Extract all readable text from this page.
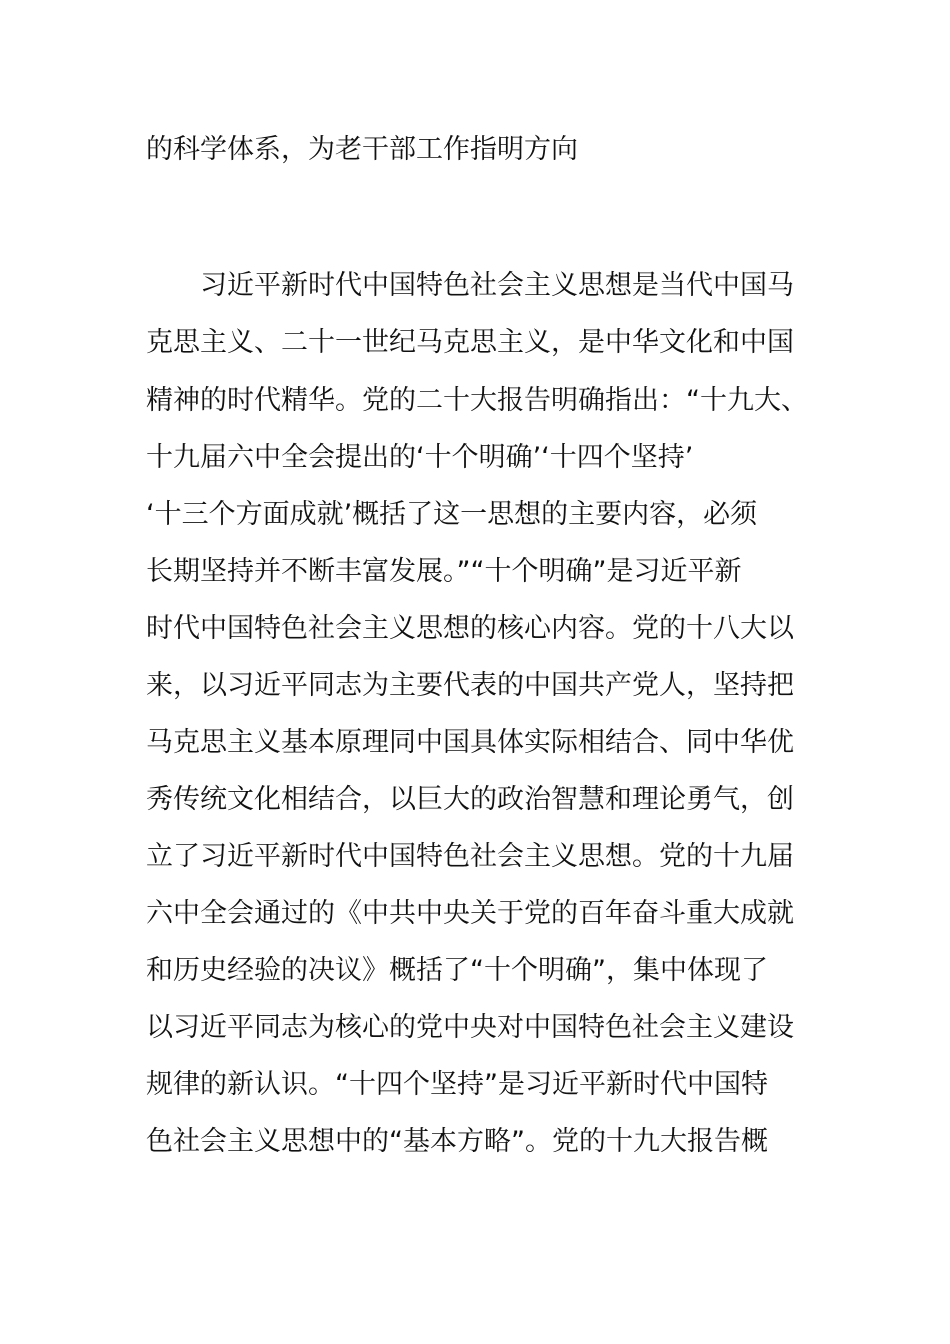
的科学体系，为老干部工作指明方向
　　习近平新时代中国特色社会主义思想是当代中国马
克思主义、二十一世纪马克思主义，是中华文化和中国
精神的时代精华。党的二十大报告明确指出：“十九大、
十九届六中全会提出的‘十个明确’‘十四个坚持’
‘十三个方面成就’概括了这一思想的主要内容，必须
长期坚持并不断丰富发展。”“十个明确”是习近平新
时代中国特色社会主义思想的核心内容。党的十八大以
来，以习近平同志为主要代表的中国共产党人，坚持把
马克思主义基本原理同中国具体实际相结合、同中华优
秀传统文化相结合，以巨大的政治智慧和理论勇气，创
立了习近平新时代中国特色社会主义思想。党的十九届
六中全会通过的《中共中央关于党的百年奋斗重大成就
和历史经验的决议》概括了“十个明确”，集中体现了
以习近平同志为核心的党中央对中国特色社会主义建设
规律的新认识。“十四个坚持”是习近平新时代中国特
色社会主义思想中的“基本方略”。党的十九大报告概
